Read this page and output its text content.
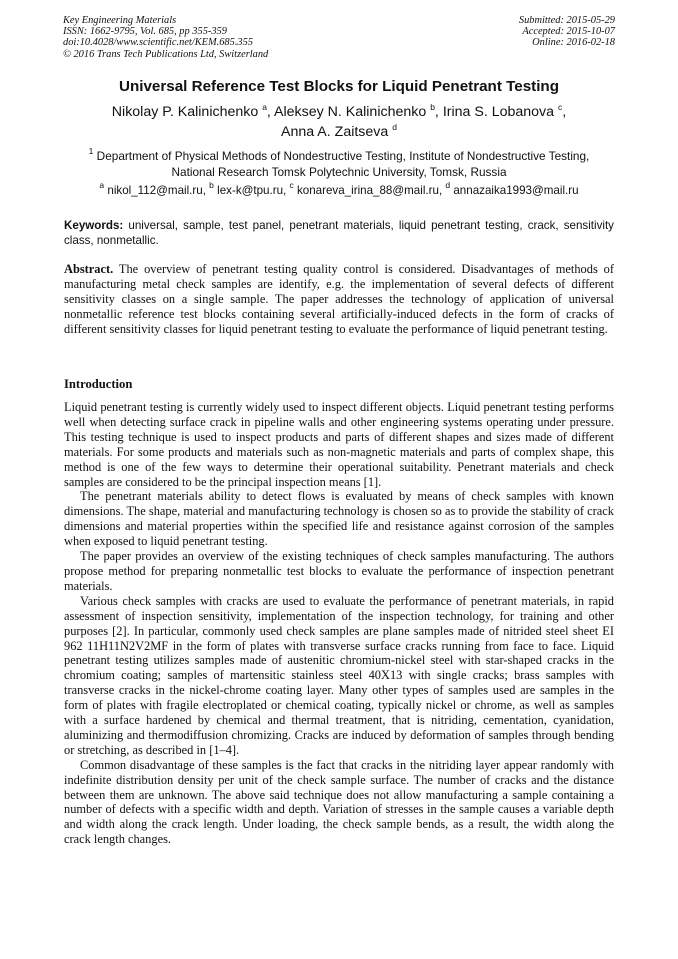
Key Engineering Materials
ISSN: 1662-9795, Vol. 685, pp 355-359
doi:10.4028/www.scientific.net/KEM.685.355
© 2016 Trans Tech Publications Ltd, Switzerland
Submitted: 2015-05-29
Accepted: 2015-10-07
Online: 2016-02-18
Universal Reference Test Blocks for Liquid Penetrant Testing
Nikolay P. Kalinichenko $^a$, Aleksey N. Kalinichenko $^b$, Irina S. Lobanova $^c$,
Anna A. Zaitseva $^d$
$^1$ Department of Physical Methods of Nondestructive Testing, Institute of Nondestructive Testing,
National Research Tomsk Polytechnic University, Tomsk, Russia
$^a$ nikol_112@mail.ru, $^b$ lex-k@tpu.ru, $^c$ konareva_irina_88@mail.ru, $^d$ annazaika1993@mail.ru
Keywords: universal, sample, test panel, penetrant materials, liquid penetrant testing, crack, sensitivity class, nonmetallic.
Abstract. The overview of penetrant testing quality control is considered. Disadvantages of methods of manufacturing metal check samples are identify, e.g. the implementation of several defects of different sensitivity classes on a single sample. The paper addresses the technology of application of universal nonmetallic reference test blocks containing several artificially-induced defects in the form of cracks of different sensitivity classes for liquid penetrant testing to evaluate the performance of liquid penetrant testing.
Introduction

Liquid penetrant testing is currently widely used to inspect different objects. Liquid penetrant testing performs well when detecting surface crack in pipeline walls and other engineering systems operating under pressure. This testing technique is used to inspect products and parts of different shapes and sizes made of different materials. For some products and materials such as non-magnetic materials and parts of complex shape, this method is one of the few ways to determine their operational suitability. Penetrant materials and check samples are considered to be the principal inspection means [1].

The penetrant materials ability to detect flows is evaluated by means of check samples with known dimensions. The shape, material and manufacturing technology is chosen so as to provide the stability of crack dimensions and material properties within the specified life and resistance against corrosion of the samples when exposed to liquid penetrant testing.

The paper provides an overview of the existing techniques of check samples manufacturing. The authors propose method for preparing nonmetallic test blocks to evaluate the performance of inspection penetrant materials.

Various check samples with cracks are used to evaluate the performance of penetrant materials, in rapid assessment of inspection sensitivity, implementation of the inspection technology, for training and other purposes [2]. In particular, commonly used check samples are plane samples made of nitrided steel sheet EI 962 11H11N2V2MF in the form of plates with transverse surface cracks running from face to face. Liquid penetrant testing utilizes samples made of austenitic chromium-nickel steel with star-shaped cracks in the chromium coating; samples of martensitic stainless steel 40X13 with single cracks; brass samples with transverse cracks in the nickel-chrome coating layer. Many other types of samples used are samples in the form of plates with fragile electroplated or chemical coating, typically nickel or chrome, as well as samples with a surface hardened by chemical and thermal treatment, that is nitriding, cementation, cyanidation, aluminizing and thermodiffusion chromizing. Cracks are induced by deformation of samples through bending or stretching, as described in [1–4].

Common disadvantage of these samples is the fact that cracks in the nitriding layer appear randomly with indefinite distribution density per unit of the check sample surface. The number of cracks and the distance between them are unknown. The above said technique does not allow manufacturing a sample containing a number of defects with a specific width and depth. Variation of stresses in the sample causes a variable depth and width along the crack length. Under loading, the check sample bends, as a result, the width along the crack length changes.
